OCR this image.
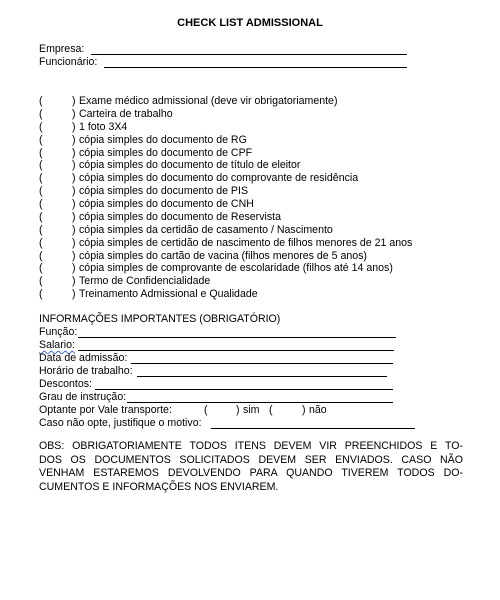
CHECK LIST ADMISSIONAL
Empresa:
Funcionário:
(	) Exame médico admissional (deve vir obrigatoriamente)
(	) Carteira de trabalho
(	) 1 foto 3X4
(	) cópia simples do documento de RG
(	) cópia simples do documento de CPF
(	) cópia simples do documento de título de eleitor
(	) cópia simples do documento do comprovante de residência
(	) cópia simples do documento de PIS
(	) cópia simples do documento de CNH
(	) cópia simples do documento de Reservista
(	) cópia simples da certidão de casamento / Nascimento
(	) cópia simples de certidão de nascimento de filhos menores de 21 anos
(	) cópia simples do cartão de vacina (filhos menores de 5 anos)
(	) cópia simples de comprovante de escolaridade (filhos até 14 anos)
(	) Termo de Confidencialidade
(	) Treinamento Admissional e Qualidade
INFORMAÇÕES IMPORTANTES (OBRIGATÓRIO)
Função:
Salario:
Data de admissão:
Horário de trabalho:
Descontos:
Grau de instrução:
Optante por Vale transporte:	(	) sim (	) não
Caso não opte, justifique o motivo:
OBS: OBRIGATORIAMENTE TODOS ITENS DEVEM VIR PREENCHIDOS E TO-
DOS OS DOCUMENTOS SOLICITADOS DEVEM SER ENVIADOS. CASO NÃO
VENHAM ESTAREMOS DEVOLVENDO PARA QUANDO TIVEREM TODOS DO-
CUMENTOS E INFORMAÇÕES NOS ENVIAREM.
